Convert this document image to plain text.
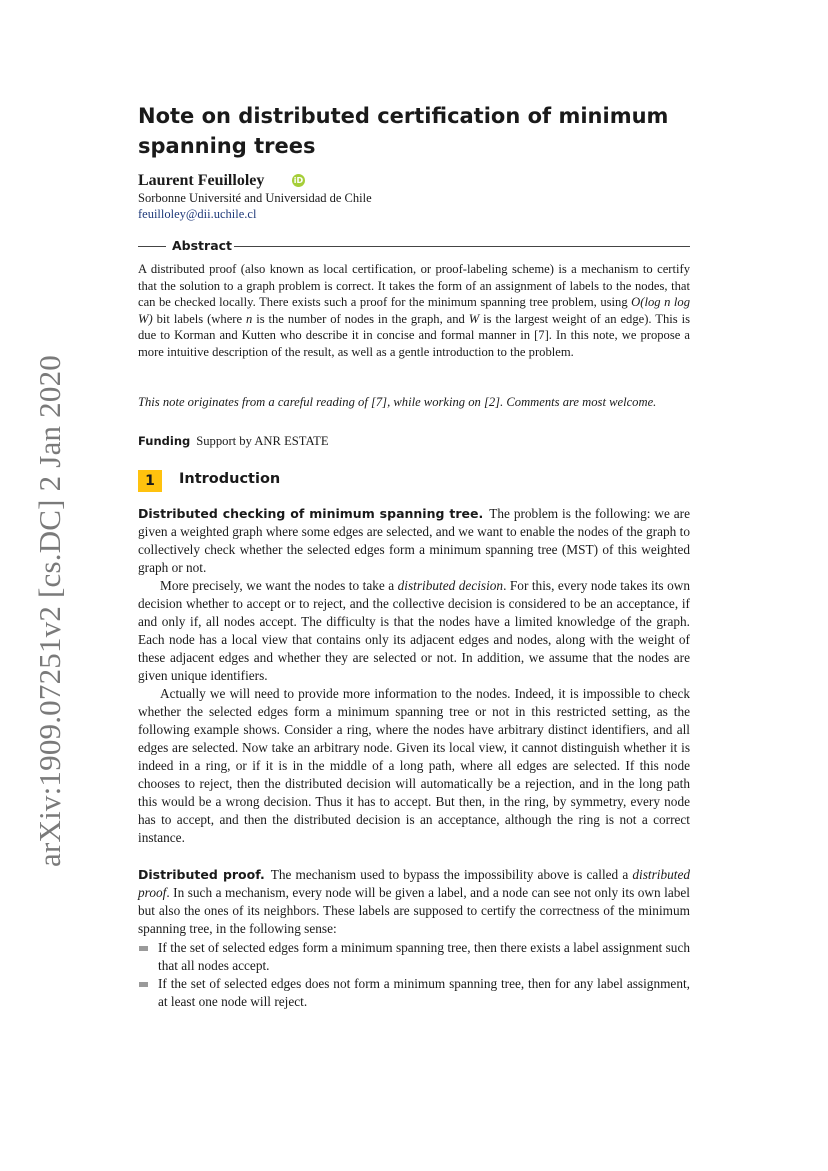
arXiv:1909.07251v2 [cs.DC] 2 Jan 2020
Note on distributed certification of minimum spanning trees
Laurent Feuilloley	iD
Sorbonne Université and Universidad de Chile
feuilloley@dii.uchile.cl
Abstract
A distributed proof (also known as local certification, or proof-labeling scheme) is a mechanism to certify that the solution to a graph problem is correct. It takes the form of an assignment of labels to the nodes, that can be checked locally. There exists such a proof for the minimum spanning tree problem, using O(log n log W) bit labels (where n is the number of nodes in the graph, and W is the largest weight of an edge). This is due to Korman and Kutten who describe it in concise and formal manner in [7]. In this note, we propose a more intuitive description of the result, as well as a gentle introduction to the problem.
This note originates from a careful reading of [7], while working on [2]. Comments are most welcome.
Funding Support by ANR ESTATE
1	Introduction
Distributed checking of minimum spanning tree. The problem is the following: we are given a weighted graph where some edges are selected, and we want to enable the nodes of the graph to collectively check whether the selected edges form a minimum spanning tree (MST) of this weighted graph or not.
More precisely, we want the nodes to take a distributed decision. For this, every node takes its own decision whether to accept or to reject, and the collective decision is considered to be an acceptance, if and only if, all nodes accept. The difficulty is that the nodes have a limited knowledge of the graph. Each node has a local view that contains only its adjacent edges and nodes, along with the weight of these adjacent edges and whether they are selected or not. In addition, we assume that the nodes are given unique identifiers.
Actually we will need to provide more information to the nodes. Indeed, it is impossible to check whether the selected edges form a minimum spanning tree or not in this restricted setting, as the following example shows. Consider a ring, where the nodes have arbitrary distinct identifiers, and all edges are selected. Now take an arbitrary node. Given its local view, it cannot distinguish whether it is indeed in a ring, or if it is in the middle of a long path, where all edges are selected. If this node chooses to reject, then the distributed decision will automatically be a rejection, and in the long path this would be a wrong decision. Thus it has to accept. But then, in the ring, by symmetry, every node has to accept, and then the distributed decision is an acceptance, although the ring is not a correct instance.
Distributed proof. The mechanism used to bypass the impossibility above is called a distributed proof. In such a mechanism, every node will be given a label, and a node can see not only its own label but also the ones of its neighbors. These labels are supposed to certify the correctness of the minimum spanning tree, in the following sense:
If the set of selected edges form a minimum spanning tree, then there exists a label assignment such that all nodes accept.
If the set of selected edges does not form a minimum spanning tree, then for any label assignment, at least one node will reject.
